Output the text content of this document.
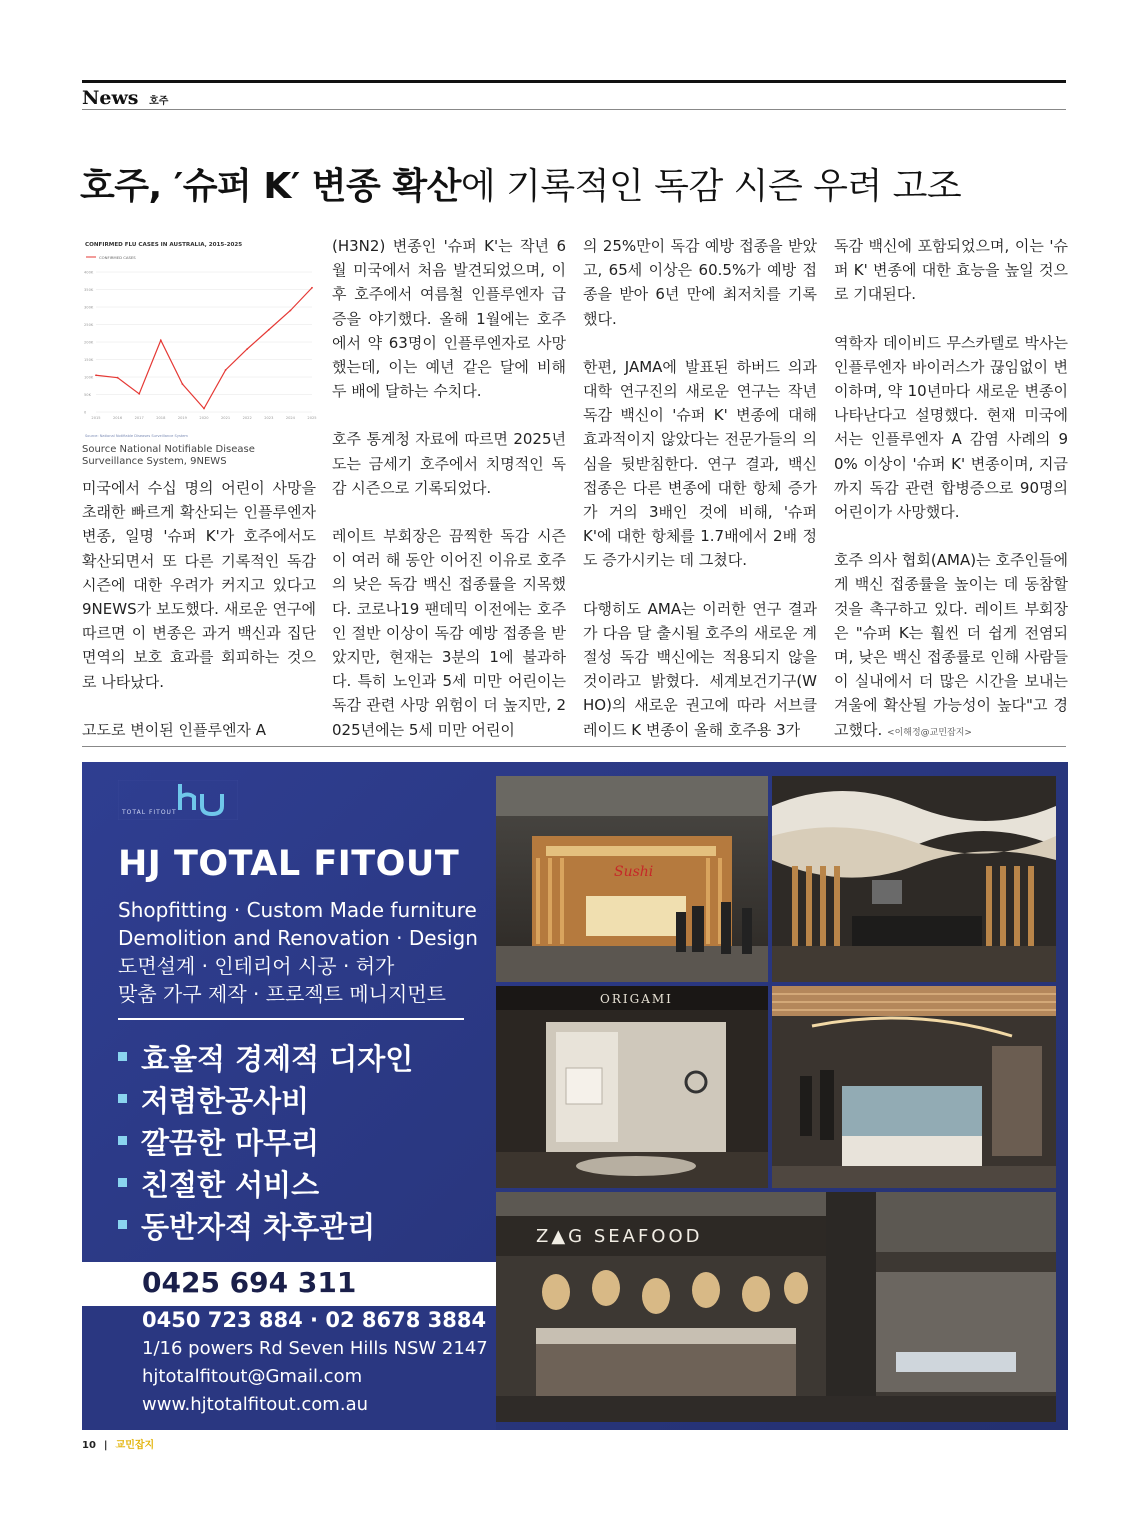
News 호주
호주, ′슈퍼 K′ 변종 확산에 기록적인 독감 시즌 우려 고조
CONFIRMED FLU CASES IN AUSTRALIA, 2015-2025
CONFIRMED CASES
0
50K
100K
150K
200K
250K
300K
350K
400K
2015	2016	2017	2018	2019	2020	2021	2022	2023	2024	2025
Source: National Notifiable Diseases Surveillance System
Source National Notifiable Disease Surveillance System, 9NEWS

미국에서 수십 명의 어린이 사망을 초래한 빠르게 확산되는 인플루엔자 변종, 일명 '슈퍼 K'가 호주에서도 확산되면서 또 다른 기록적인 독감 시즌에 대한 우려가 커지고 있다고 9NEWS가 보도했다. 새로운 연구에 따르면 이 변종은 과거 백신과 집단 면역의 보호 효과를 회피하는 것으로 나타났다.

고도로 변이된 인플루엔자 A

(H3N2) 변종인 '슈퍼 K'는 작년 6월 미국에서 처음 발견되었으며, 이후 호주에서 여름철 인플루엔자 급증을 야기했다. 올해 1월에는 호주에서 약 63명이 인플루엔자로 사망했는데, 이는 예년 같은 달에 비해 두 배에 달하는 수치다.

호주 통계청 자료에 따르면 2025년도는 금세기 호주에서 치명적인 독감 시즌으로 기록되었다.

레이트 부회장은 끔찍한 독감 시즌이 여러 해 동안 이어진 이유로 호주의 낮은 독감 백신 접종률을 지목했다. 코로나19 팬데믹 이전에는 호주인 절반 이상이 독감 예방 접종을 받았지만, 현재는 3분의 1에 불과하다. 특히 노인과 5세 미만 어린이는 독감 관련 사망 위험이 더 높지만, 2025년에는 5세 미만 어린이

의 25%만이 독감 예방 접종을 받았고, 65세 이상은 60.5%가 예방 접종을 받아 6년 만에 최저치를 기록했다.

한편, JAMA에 발표된 하버드 의과대학 연구진의 새로운 연구는 작년 독감 백신이 '슈퍼 K' 변종에 대해 효과적이지 않았다는 전문가들의 의심을 뒷받침한다. 연구 결과, 백신 접종은 다른 변종에 대한 항체 증가가 거의 3배인 것에 비해, '슈퍼 K'에 대한 항체를 1.7배에서 2배 정도 증가시키는 데 그쳤다.

다행히도 AMA는 이러한 연구 결과가 다음 달 출시될 호주의 새로운 계절성 독감 백신에는 적용되지 않을 것이라고 밝혔다. 세계보건기구(WHO)의 새로운 권고에 따라 서브클레이드 K 변종이 올해 호주용 3가

독감 백신에 포함되었으며, 이는 '슈퍼 K' 변종에 대한 효능을 높일 것으로 기대된다.

역학자 데이비드 무스카텔로 박사는 인플루엔자 바이러스가 끊임없이 변이하며, 약 10년마다 새로운 변종이 나타난다고 설명했다. 현재 미국에서는 인플루엔자 A 감염 사례의 90% 이상이 '슈퍼 K' 변종이며, 지금까지 독감 관련 합병증으로 90명의 어린이가 사망했다.

호주 의사 협회(AMA)는 호주인들에게 백신 접종률을 높이는 데 동참할 것을 촉구하고 있다. 레이트 부회장은 "슈퍼 K는 훨씬 더 쉽게 전염되며, 낮은 백신 접종률로 인해 사람들이 실내에서 더 많은 시간을 보내는 겨울에 확산될 가능성이 높다"고 경고했다. <이해정@교민잡지>

TOTAL FITOUT
HJ TOTAL FITOUT
Shopfitting · Custom Made furniture
Demolition and Renovation · Design
도면설계 · 인테리어 시공 · 허가
맞춤 가구 제작 · 프로젝트 메니지먼트
효율적 경제적 디자인
저렴한공사비
깔끔한 마무리
친절한 서비스
동반자적 차후관리
0425 694 311
0450 723 884 · 02 8678 3884
1/16 powers Rd Seven Hills NSW 2147
hjtotalfitout@Gmail.com
www.hjtotalfitout.com.au
Sushi
ORIGAMI
Z▲G SEAFOOD
10 | 교민잡지
